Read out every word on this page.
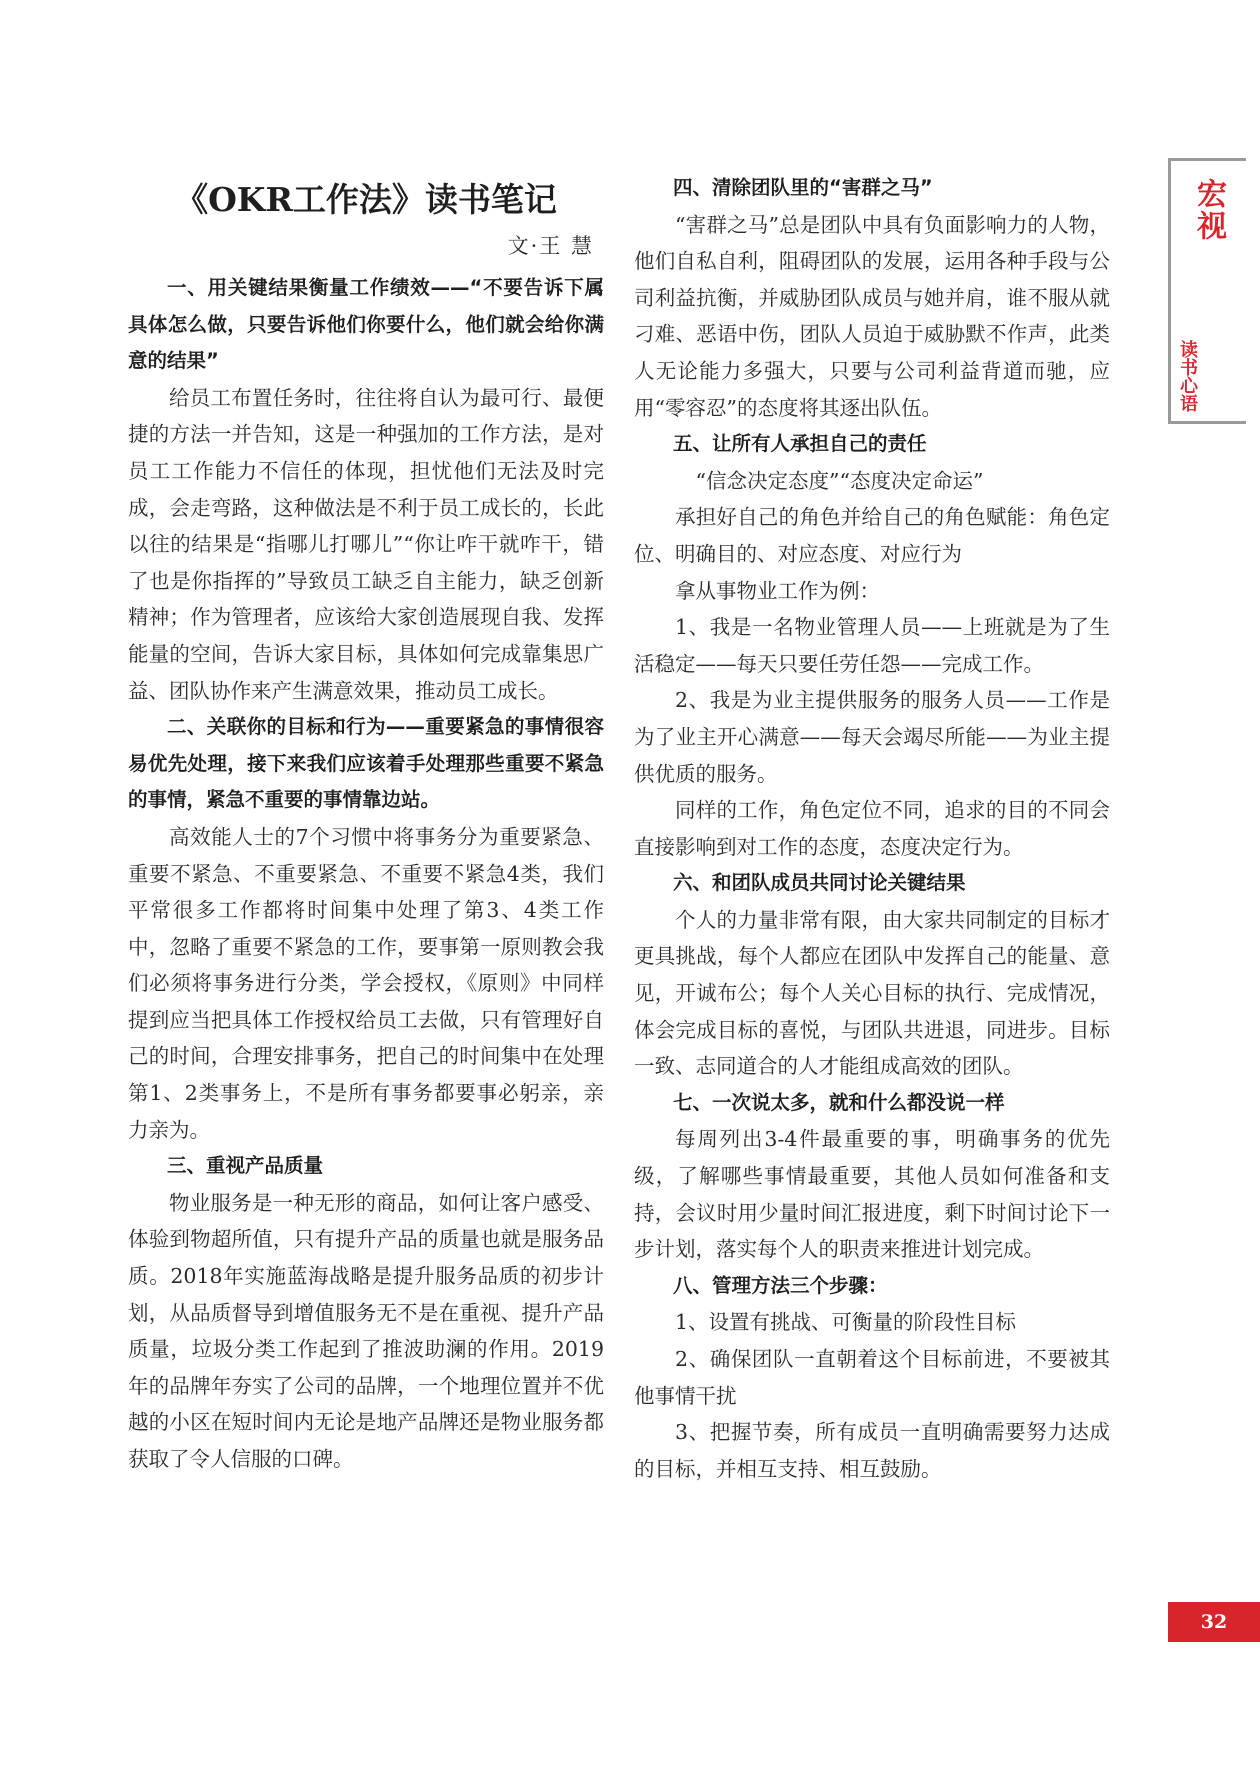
宏视
读书心语
《OKR工作法》读书笔记
文·王 慧

一、用关键结果衡量工作绩效——“不要告诉下属具体怎么做，只要告诉他们你要什么，他们就会给你满意的结果”

给员工布置任务时，往往将自认为最可行、最便捷的方法一并告知，这是一种强加的工作方法，是对员工工作能力不信任的体现，担忧他们无法及时完成，会走弯路，这种做法是不利于员工成长的，长此以往的结果是“指哪儿打哪儿”“你让咋干就咋干，错了也是你指挥的”导致员工缺乏自主能力，缺乏创新精神；作为管理者，应该给大家创造展现自我、发挥能量的空间，告诉大家目标，具体如何完成靠集思广益、团队协作来产生满意效果，推动员工成长。

二、关联你的目标和行为——重要紧急的事情很容易优先处理，接下来我们应该着手处理那些重要不紧急的事情，紧急不重要的事情靠边站。

高效能人士的7个习惯中将事务分为重要紧急、重要不紧急、不重要紧急、不重要不紧急4类，我们平常很多工作都将时间集中处理了第3、4类工作中，忽略了重要不紧急的工作，要事第一原则教会我们必须将事务进行分类，学会授权，《原则》中同样提到应当把具体工作授权给员工去做，只有管理好自己的时间，合理安排事务，把自己的时间集中在处理第1、2类事务上，不是所有事务都要事必躬亲，亲力亲为。

三、重视产品质量

物业服务是一种无形的商品，如何让客户感受、体验到物超所值，只有提升产品的质量也就是服务品质。2018年实施蓝海战略是提升服务品质的初步计划，从品质督导到增值服务无不是在重视、提升产品质量，垃圾分类工作起到了推波助澜的作用。2019年的品牌年夯实了公司的品牌，一个地理位置并不优越的小区在短时间内无论是地产品牌还是物业服务都获取了令人信服的口碑。

四、清除团队里的“害群之马”

“害群之马”总是团队中具有负面影响力的人物，他们自私自利，阻碍团队的发展，运用各种手段与公司利益抗衡，并威胁团队成员与她并肩，谁不服从就刁难、恶语中伤，团队人员迫于威胁默不作声，此类人无论能力多强大，只要与公司利益背道而驰，应用“零容忍”的态度将其逐出队伍。

五、让所有人承担自己的责任

“信念决定态度”“态度决定命运”

承担好自己的角色并给自己的角色赋能：角色定位、明确目的、对应态度、对应行为

拿从事物业工作为例：

1、我是一名物业管理人员——上班就是为了生活稳定——每天只要任劳任怨——完成工作。

2、我是为业主提供服务的服务人员——工作是为了业主开心满意——每天会竭尽所能——为业主提供优质的服务。

同样的工作，角色定位不同，追求的目的不同会直接影响到对工作的态度，态度决定行为。

六、和团队成员共同讨论关键结果

个人的力量非常有限，由大家共同制定的目标才更具挑战，每个人都应在团队中发挥自己的能量、意见，开诚布公；每个人关心目标的执行、完成情况，体会完成目标的喜悦，与团队共进退，同进步。目标一致、志同道合的人才能组成高效的团队。

七、一次说太多，就和什么都没说一样

每周列出3-4件最重要的事，明确事务的优先级，了解哪些事情最重要，其他人员如何准备和支持，会议时用少量时间汇报进度，剩下时间讨论下一步计划，落实每个人的职责来推进计划完成。

八、管理方法三个步骤：

1、设置有挑战、可衡量的阶段性目标

2、确保团队一直朝着这个目标前进，不要被其他事情干扰

3、把握节奏，所有成员一直明确需要努力达成的目标，并相互支持、相互鼓励。

32
